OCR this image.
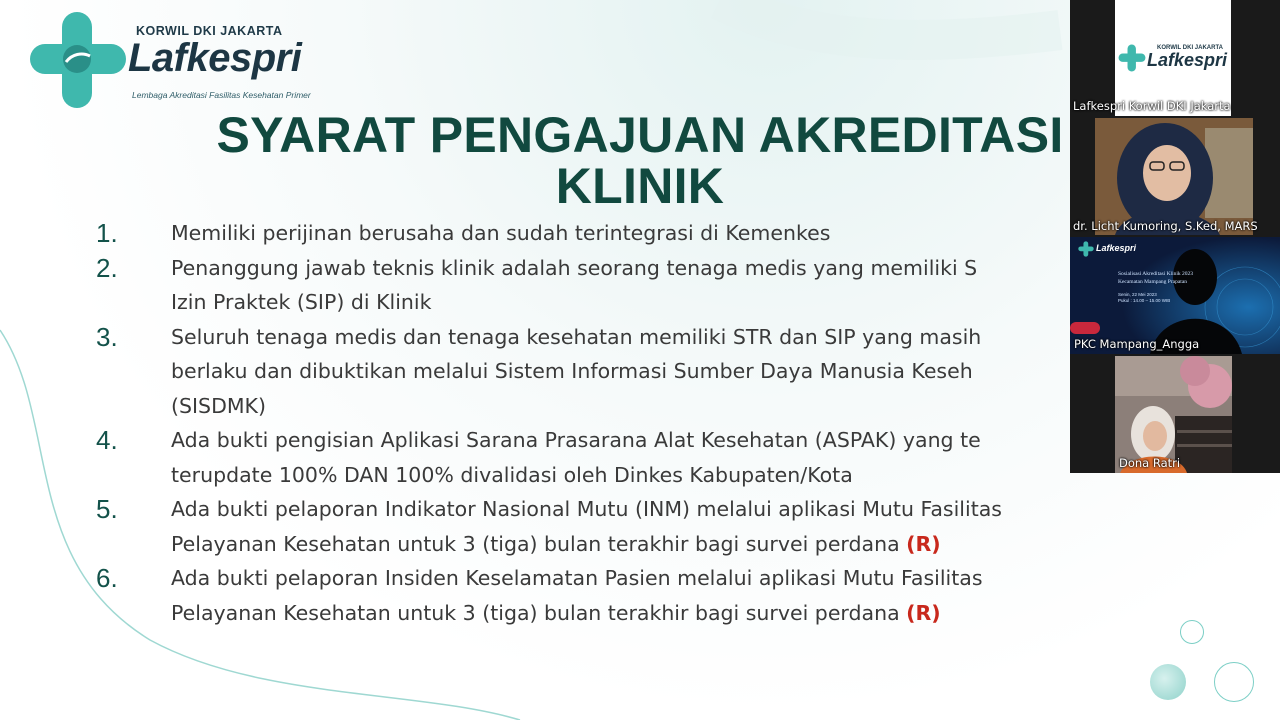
KORWIL DKI JAKARTA
Lafkespri
Lembaga Akreditasi Fasilitas Kesehatan Primer
SYARAT PENGAJUAN AKREDITASI
KLINIK
1.	Memiliki perijinan berusaha dan sudah terintegrasi di Kemenkes
2.	Penanggung jawab teknis klinik adalah seorang tenaga medis yang memiliki S
Izin Praktek (SIP) di Klinik
3.	Seluruh tenaga medis dan tenaga kesehatan memiliki STR dan SIP yang masih
berlaku dan dibuktikan melalui Sistem Informasi Sumber Daya Manusia Keseh
(SISDMK)
4.	Ada bukti pengisian Aplikasi Sarana Prasarana Alat Kesehatan (ASPAK) yang te
terupdate 100% DAN 100% divalidasi oleh Dinkes Kabupaten/Kota
5.	Ada bukti pelaporan Indikator Nasional Mutu (INM) melalui aplikasi Mutu Fasilitas
Pelayanan Kesehatan untuk 3 (tiga) bulan terakhir bagi survei perdana (R)
6.	Ada bukti pelaporan Insiden Keselamatan Pasien melalui aplikasi Mutu Fasilitas
Pelayanan Kesehatan untuk 3 (tiga) bulan terakhir bagi survei perdana (R)
KORWIL DKI JAKARTA
Lafkespri
Lafkespri Korwil DKI Jakarta
dr. Licht Kumoring, S.Ked, MARS
Sosialisasi Akreditasi Klinik 2023
Kecamatan Mampang Prapatan
Senin, 22 Mei 2023
Pukul : 14.00 – 15.00 WIB
Lafkespri
PKC Mampang_Angga
Dona Ratri
